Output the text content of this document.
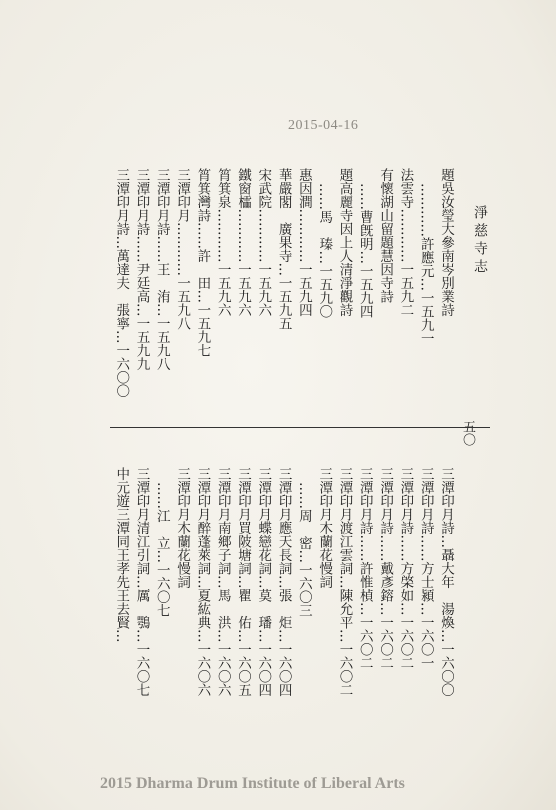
淨慈寺志
五〇
2015-04-16
題吳汝瑩大參南岑別業詩
…………許應元…一五九一
法雲寺…………一五九二
有懷湖山留題慧因寺詩
……曹旣明…一五九四
題高麗寺因上人清淨觀詩
……馬　瑧…一五九〇
惠因澗…………一五九四
華嚴閣　廣果寺…一五九五
宋武院…………一五九六
鐵窗櫺…………一五九六
筲箕泉…………一五九六
筲箕灣詩……許　田…一五九七
三潭印月…………一五九八
三潭印月詩……王　洧…一五九八
三潭印月詩……尹廷高…一五九九
三潭印月詩…萬達夫　張寧…一六〇〇
三潭印月詩…聶大年　湯煥…一六〇〇
三潭印月詩……方士潁…一六〇一
三潭印月詩……方棨如…一六〇二
三潭印月詩……戴彥鎔…一六〇二
三潭印月詩……許惟楨…一六〇二
三潭印月渡江雲詞…陳允平…一六〇二
三潭印月木蘭花慢詞
……周　密…一六〇三
三潭印月應天長詞…張　炬…一六〇四
三潭印月蝶戀花詞…莫　璠…一六〇四
三潭印月買陂塘詞…瞿　佑…一六〇五
三潭印月南鄉子詞…馬　洪…一六〇六
三潭印月醉蓬萊詞…夏紘典…一六〇六
三潭印月木蘭花慢詞
……江　立…一六〇七
三潭印月清江引詞…厲　鶚…一六〇七
中元遊三潭同王孝先王去賢…
2015 Dharma Drum Institute of Liberal Arts
